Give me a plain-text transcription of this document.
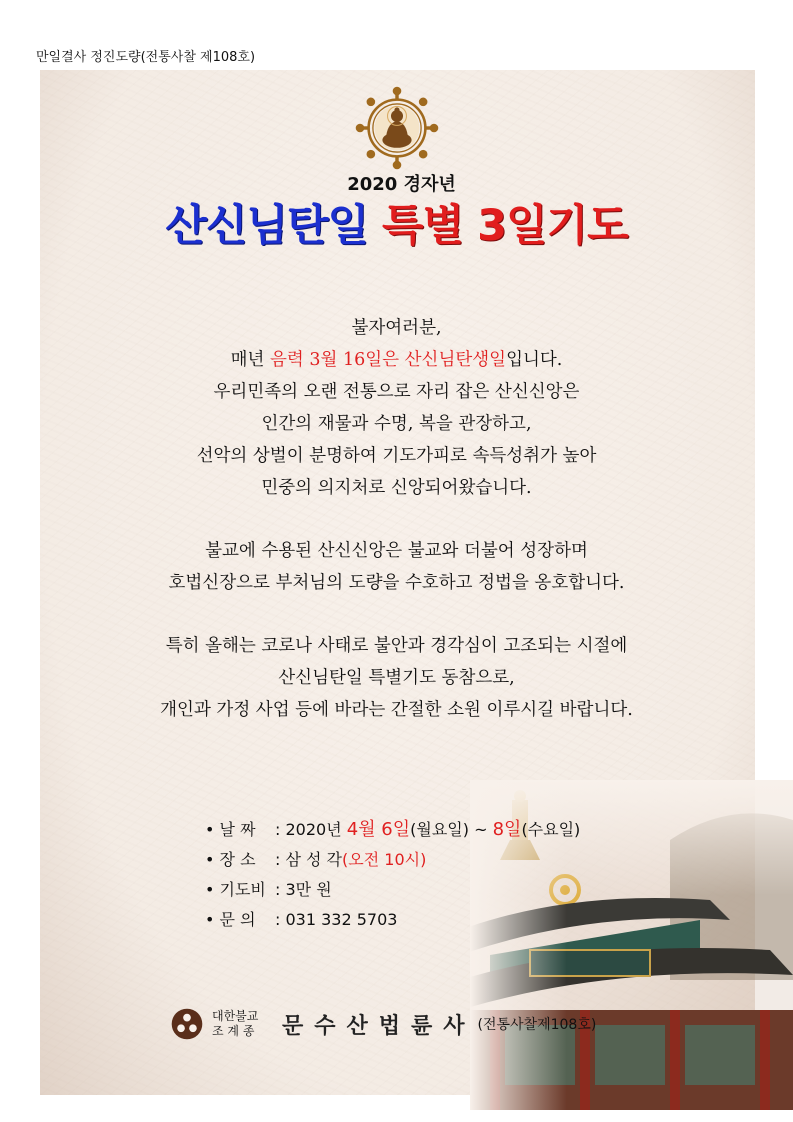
만일결사 정진도량(전통사찰 제108호)
2020 경자년
산신님탄일 특별 3일기도

불자여러분,

매년 음력 3월 16일은 산신님탄생일입니다.

우리민족의 오랜 전통으로 자리 잡은 산신신앙은

인간의 재물과 수명, 복을 관장하고,

선악의 상벌이 분명하여 기도가피로 속득성취가 높아

민중의 의지처로 신앙되어왔습니다.

불교에 수용된 산신신앙은 불교와 더불어 성장하며

호법신장으로 부처님의 도량을 수호하고 정법을 옹호합니다.

특히 올해는 코로나 사태로 불안과 경각심이 고조되는 시절에

산신님탄일 특별기도 동참으로,

개인과 가정 사업 등에 바라는 간절한 소원 이루시길 바랍니다.

• 날 짜 : 2020년 4월 6일(월요일) ~ 8일(수요일)
• 장 소 : 삼 성 각(오전 10시)
• 기도비 : 3만 원
• 문 의 : 031 332 5703
대한불교
조 계 종	문수산법륜사 (전통사찰제108호)
